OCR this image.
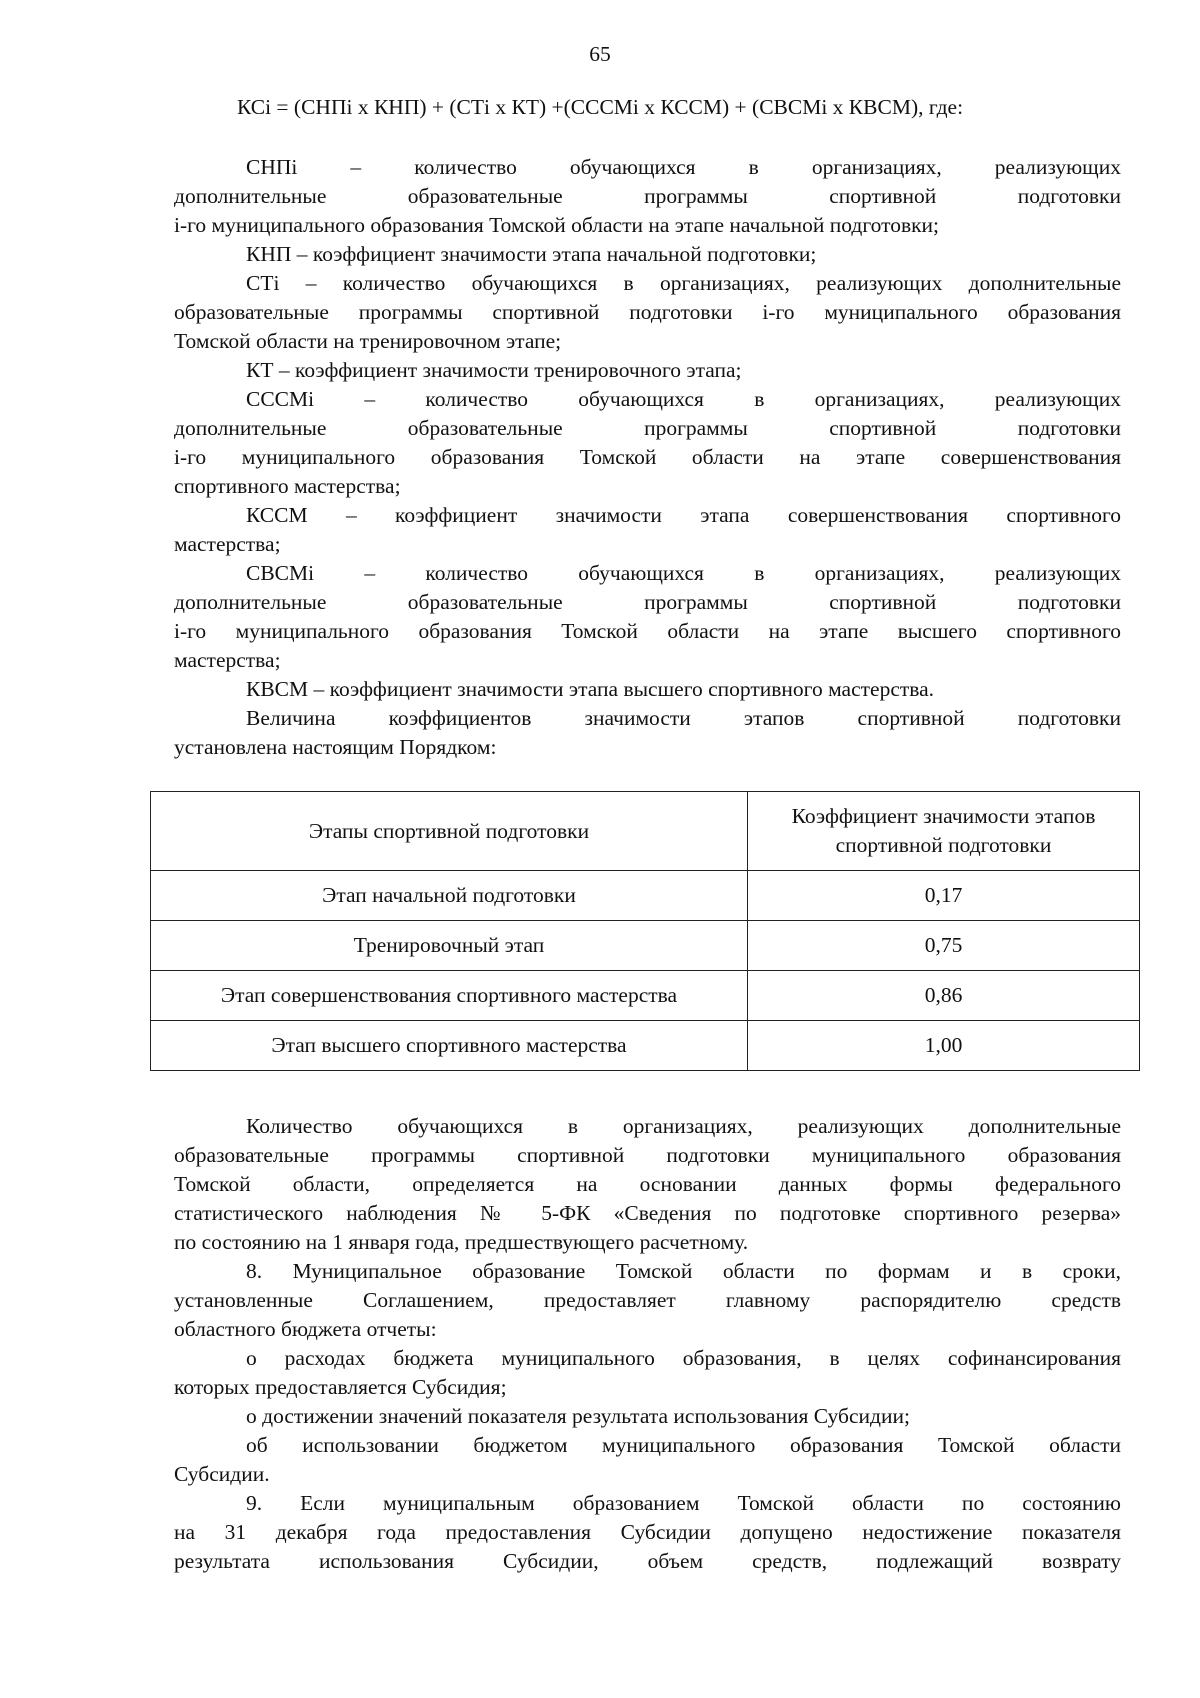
65
КСi = (СНПi x КНП) + (СТi x КТ) +(СССМi x КССМ) + (СВСМi x КВСМ), где:
СНПi – количество обучающихся в организациях, реализующих
дополнительные образовательные программы спортивной подготовки
i-го муниципального образования Томской области на этапе начальной подготовки;
КНП – коэффициент значимости этапа начальной подготовки;
СТi – количество обучающихся в организациях, реализующих дополнительные
образовательные программы спортивной подготовки i-го муниципального образования
Томской области на тренировочном этапе;
КТ – коэффициент значимости тренировочного этапа;
СССМi – количество обучающихся в организациях, реализующих
дополнительные образовательные программы спортивной подготовки
i-го муниципального образования Томской области на этапе совершенствования
спортивного мастерства;
КССМ – коэффициент значимости этапа совершенствования спортивного
мастерства;
СВСМi – количество обучающихся в организациях, реализующих
дополнительные образовательные программы спортивной подготовки
i-го муниципального образования Томской области на этапе высшего спортивного
мастерства;
КВСМ – коэффициент значимости этапа высшего спортивного мастерства.
Величина коэффициентов значимости этапов спортивной подготовки
установлена настоящим Порядком:
Этапы спортивной подготовки	Коэффициент значимости этапов
спортивной подготовки

Этап начальной подготовки	0,17
Тренировочный этап	0,75
Этап совершенствования спортивного мастерства	0,86
Этап высшего спортивного мастерства	1,00
Количество обучающихся в организациях, реализующих дополнительные
образовательные программы спортивной подготовки муниципального образования
Томской области, определяется на основании данных формы федерального
статистического наблюдения № 5-ФК «Сведения по подготовке спортивного резерва»
по состоянию на 1 января года, предшествующего расчетному.
8. Муниципальное образование Томской области по формам и в сроки,
установленные Соглашением, предоставляет главному распорядителю средств
областного бюджета отчеты:
о расходах бюджета муниципального образования, в целях софинансирования
которых предоставляется Субсидия;
о достижении значений показателя результата использования Субсидии;
об использовании бюджетом муниципального образования Томской области
Субсидии.
9. Если муниципальным образованием Томской области по состоянию
на 31 декабря года предоставления Субсидии допущено недостижение показателя
результата использования Субсидии, объем средств, подлежащий возврату
